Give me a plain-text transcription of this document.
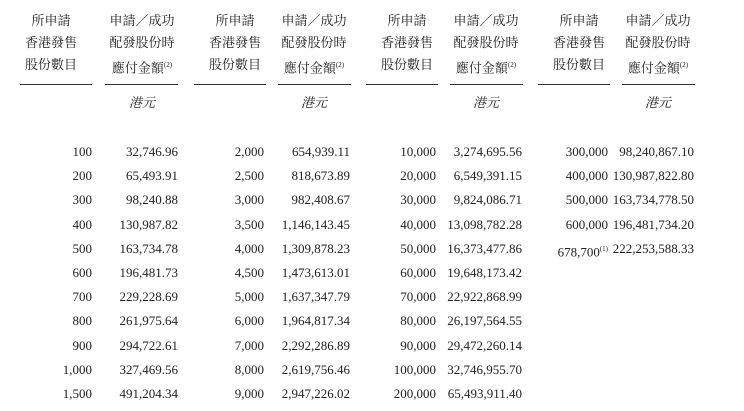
所申請
香港發售
股份數目
申請／成功
配發股份時
應付金額$^{(2)}$
港元
100
200
300
400
500
600
700
800
900
1,000
1,500
32,746.96
65,493.91
98,240.88
130,987.82
163,734.78
196,481.73
229,228.69
261,975.64
294,722.61
327,469.56
491,204.34
所申請
香港發售
股份數目
申請／成功
配發股份時
應付金額$^{(2)}$
港元
2,000
2,500
3,000
3,500
4,000
4,500
5,000
6,000
7,000
8,000
9,000
654,939.11
818,673.89
982,408.67
1,146,143.45
1,309,878.23
1,473,613.01
1,637,347.79
1,964,817.34
2,292,286.89
2,619,756.46
2,947,226.02
所申請
香港發售
股份數目
申請／成功
配發股份時
應付金額$^{(2)}$
港元
10,000
20,000
30,000
40,000
50,000
60,000
70,000
80,000
90,000
100,000
200,000
3,274,695.56
6,549,391.15
9,824,086.71
13,098,782.28
16,373,477.86
19,648,173.42
22,922,868.99
26,197,564.55
29,472,260.14
32,746,955.70
65,493,911.40
所申請
香港發售
股份數目
申請／成功
配發股份時
應付金額$^{(2)}$
港元
300,000
400,000
500,000
600,000
678,700$^{(1)}$
98,240,867.10
130,987,822.80
163,734,778.50
196,481,734.20
222,253,588.33
